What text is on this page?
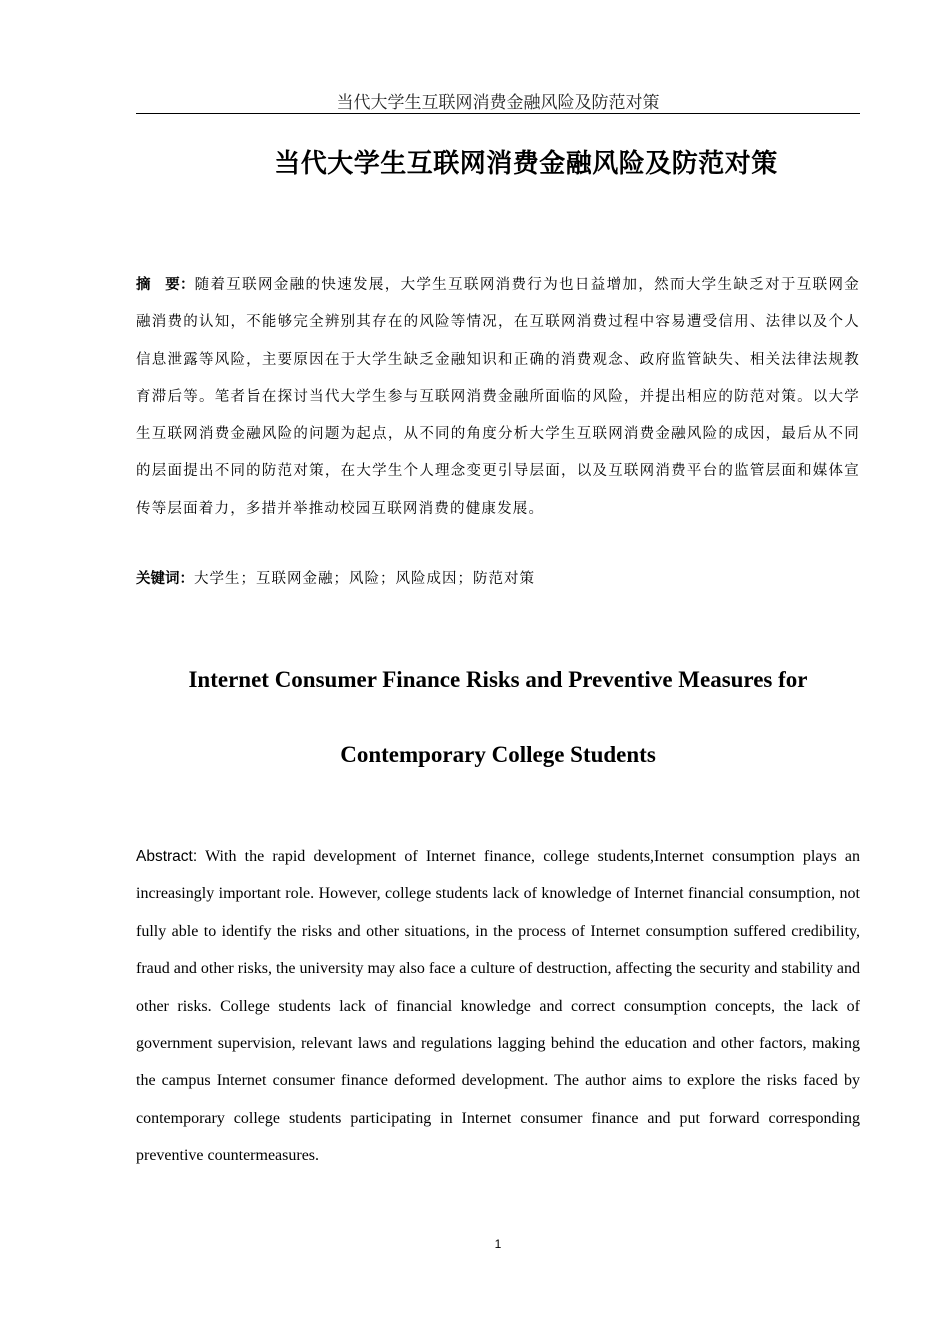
当代大学生互联网消费金融风险及防范对策
当代大学生互联网消费金融风险及防范对策

摘　要：随着互联网金融的快速发展，大学生互联网消费行为也日益增加，然而大学生缺乏对于互联网金融消费的认知，不能够完全辨别其存在的风险等情况，在互联网消费过程中容易遭受信用、法律以及个人信息泄露等风险，主要原因在于大学生缺乏金融知识和正确的消费观念、政府监管缺失、相关法律法规教育滞后等。笔者旨在探讨当代大学生参与互联网消费金融所面临的风险，并提出相应的防范对策。以大学生互联网消费金融风险的问题为起点，从不同的角度分析大学生互联网消费金融风险的成因，最后从不同的层面提出不同的防范对策，在大学生个人理念变更引导层面，以及互联网消费平台的监管层面和媒体宣传等层面着力，多措并举推动校园互联网消费的健康发展。

关键词：大学生；互联网金融；风险；风险成因；防范对策

Internet Consumer Finance Risks and Preventive Measures for
Contemporary College Students

Abstract: With the rapid development of Internet finance, college students,Internet consumption plays an increasingly important role. However, college students lack of knowledge of Internet financial consumption, not fully able to identify the risks and other situations, in the process of Internet consumption suffered credibility, fraud and other risks, the university may also face a culture of destruction, affecting the security and stability and other risks. College students lack of financial knowledge and correct consumption concepts, the lack of government supervision, relevant laws and regulations lagging behind the education and other factors, making the campus Internet consumer finance deformed development. The author aims to explore the risks faced by contemporary college students participating in Internet consumer finance and put forward corresponding preventive countermeasures.

1
